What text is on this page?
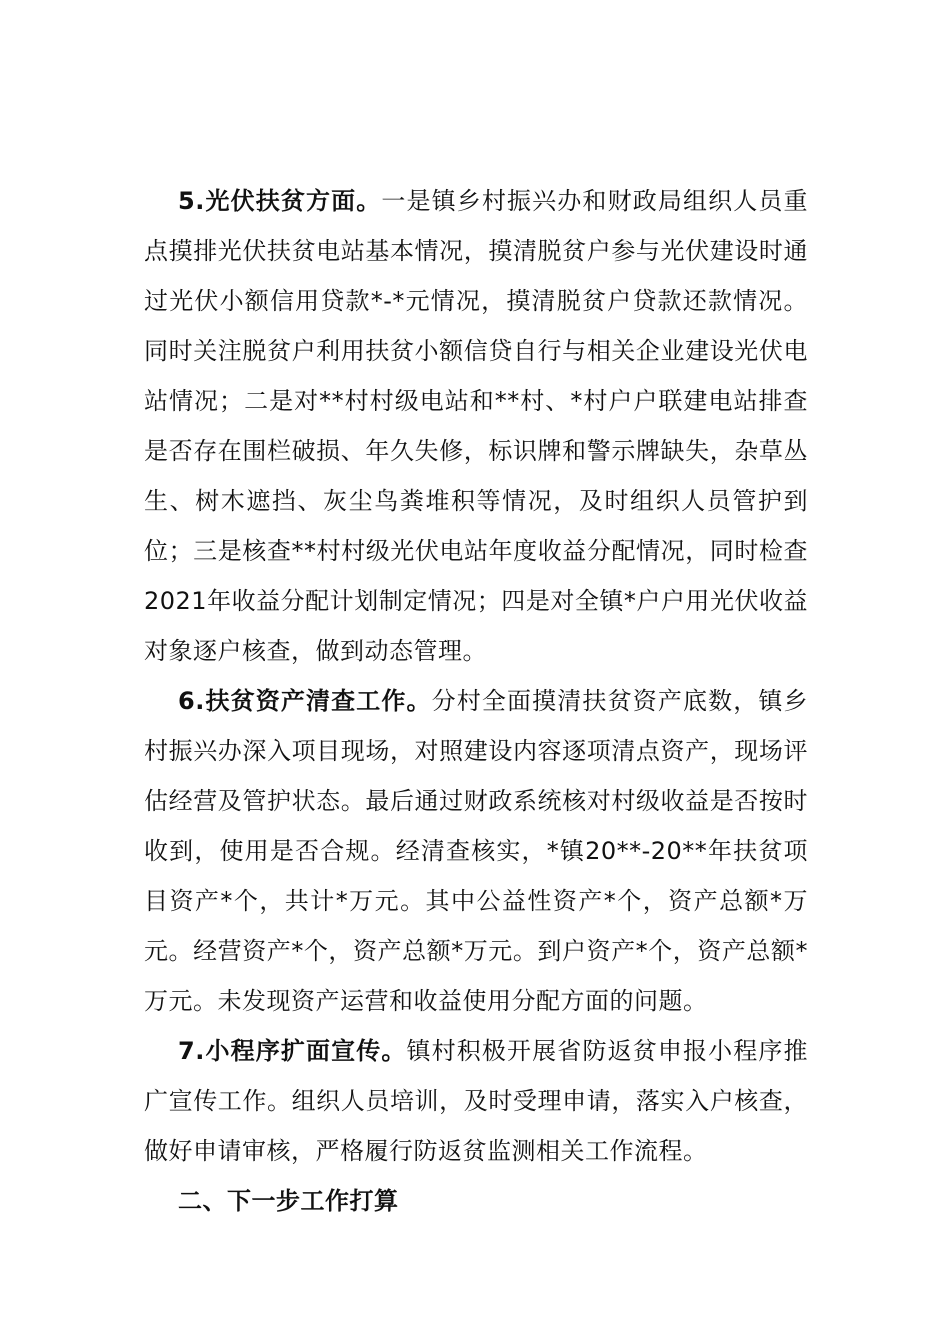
5.光伏扶贫方面。一是镇乡村振兴办和财政局组织人员重点摸排光伏扶贫电站基本情况，摸清脱贫户参与光伏建设时通过光伏小额信用贷款*-*元情况，摸清脱贫户贷款还款情况。同时关注脱贫户利用扶贫小额信贷自行与相关企业建设光伏电站情况；二是对**村村级电站和**村、*村户户联建电站排查是否存在围栏破损、年久失修，标识牌和警示牌缺失，杂草丛生、树木遮挡、灰尘鸟粪堆积等情况，及时组织人员管护到位；三是核查**村村级光伏电站年度收益分配情况，同时检查2021年收益分配计划制定情况；四是对全镇*户户用光伏收益对象逐户核查，做到动态管理。

6.扶贫资产清查工作。分村全面摸清扶贫资产底数，镇乡村振兴办深入项目现场，对照建设内容逐项清点资产，现场评估经营及管护状态。最后通过财政系统核对村级收益是否按时收到，使用是否合规。经清查核实，*镇20**-20**年扶贫项目资产*个，共计*万元。其中公益性资产*个，资产总额*万元。经营资产*个，资产总额*万元。到户资产*个，资产总额*万元。未发现资产运营和收益使用分配方面的问题。

7.小程序扩面宣传。镇村积极开展省防返贫申报小程序推广宣传工作。组织人员培训，及时受理申请，落实入户核查，做好申请审核，严格履行防返贫监测相关工作流程。

二、下一步工作打算
